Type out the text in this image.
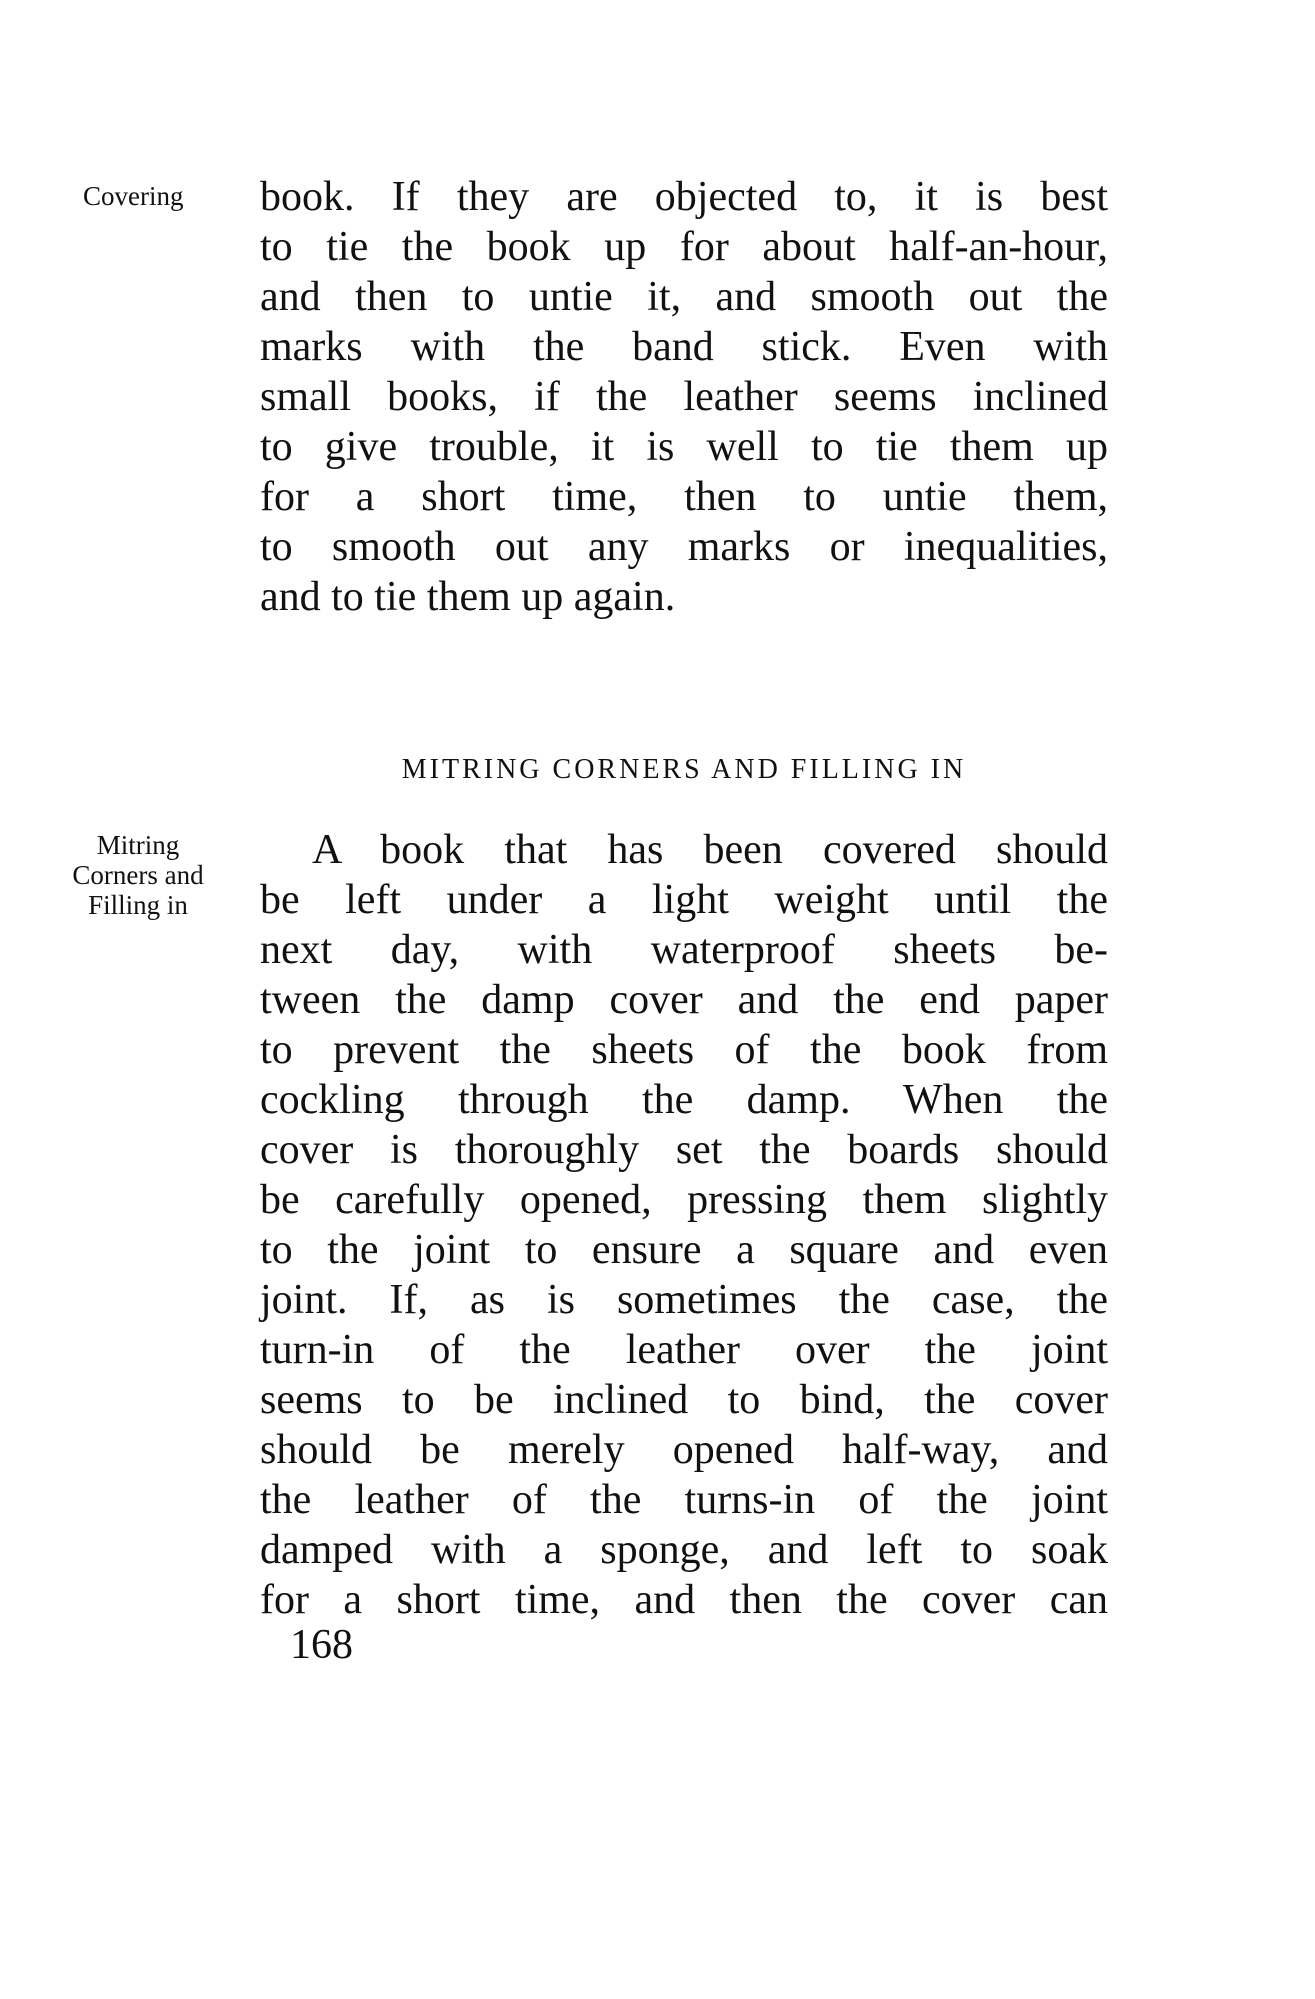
Covering book. If they are objected to, it is best
to tie the book up for about half-an-hour,
and then to untie it, and smooth out the
marks with the band stick. Even with
small books, if the leather seems inclined
to give trouble, it is well to tie them up
for a short time, then to untie them,
to smooth out any marks or inequalities,
and to tie them up again.
MITRING CORNERS AND FILLING IN
Mitring
Corners and
Filling in
A book that has been covered should
be left under a light weight until the
next day, with waterproof sheets be-
tween the damp cover and the end paper
to prevent the sheets of the book from
cockling through the damp. When the
cover is thoroughly set the boards should
be carefully opened, pressing them slightly
to the joint to ensure a square and even
joint. If, as is sometimes the case, the
turn-in of the leather over the joint
seems to be inclined to bind, the cover
should be merely opened half-way, and
the leather of the turns-in of the joint
damped with a sponge, and left to soak
for a short time, and then the cover can
168
